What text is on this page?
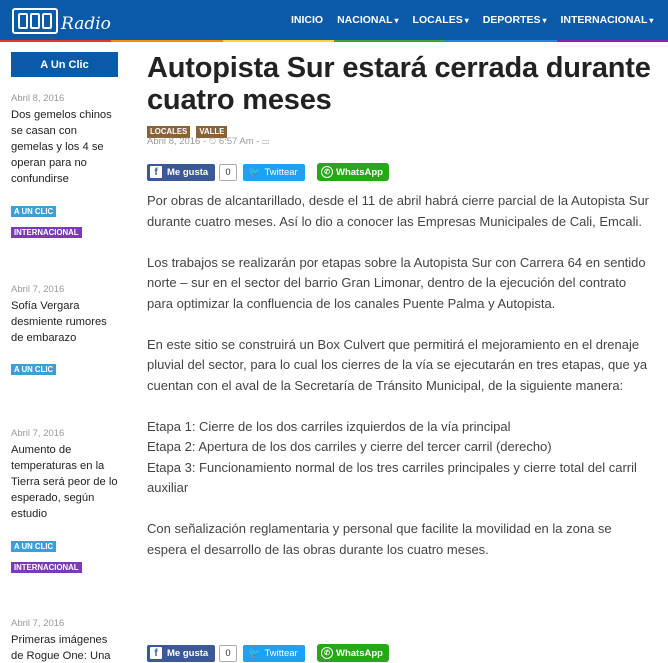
Radio	INICIO NACIONAL ▾ LOCALES ▾ DEPORTES ▾ INTERNACIONAL ▾
A Un Clic
Abril 8, 2016
Dos gemelos chinos se casan con gemelas y los 4 se operan para no confundirse
A UN CLIC
INTERNACIONAL
Abril 7, 2016
Sofía Vergara desmiente rumores de embarazo
A UN CLIC
Abril 7, 2016
Aumento de temperaturas en la Tierra será peor de lo esperado, según estudio
A UN CLIC
INTERNACIONAL
Abril 7, 2016
Primeras imágenes de Rogue One: Una
Autopista Sur estará cerrada durante cuatro meses
LOCALES VALLE
Abril 8, 2016 - ⏲ 6:57 Am - ▭
f Me gusta	0	🐦 Twittear	✆ WhatsApp

Por obras de alcantarillado, desde el 11 de abril habrá cierre parcial de la Autopista Sur durante cuatro meses. Así lo dio a conocer las Empresas Municipales de Cali, Emcali.

Los trabajos se realizarán por etapas sobre la Autopista Sur con Carrera 64 en sentido norte – sur en el sector del barrio Gran Limonar, dentro de la ejecución del contrato para optimizar la confluencia de los canales Puente Palma y Autopista.

En este sitio se construirá un Box Culvert que permitirá el mejoramiento en el drenaje pluvial del sector, para lo cual los cierres de la vía se ejecutarán en tres etapas, que ya cuentan con el aval de la Secretaría de Tránsito Municipal, de la siguiente manera:

Etapa 1: Cierre de los dos carriles izquierdos de la vía principal
Etapa 2: Apertura de los dos carriles y cierre del tercer carril (derecho)
Etapa 3: Funcionamiento normal de los tres carriles principales y cierre total del carril auxiliar

Con señalización reglamentaria y personal que facilite la movilidad en la zona se espera el desarrollo de las obras durante los cuatro meses.

f Me gusta	0	🐦 Twittear	✆ WhatsApp
